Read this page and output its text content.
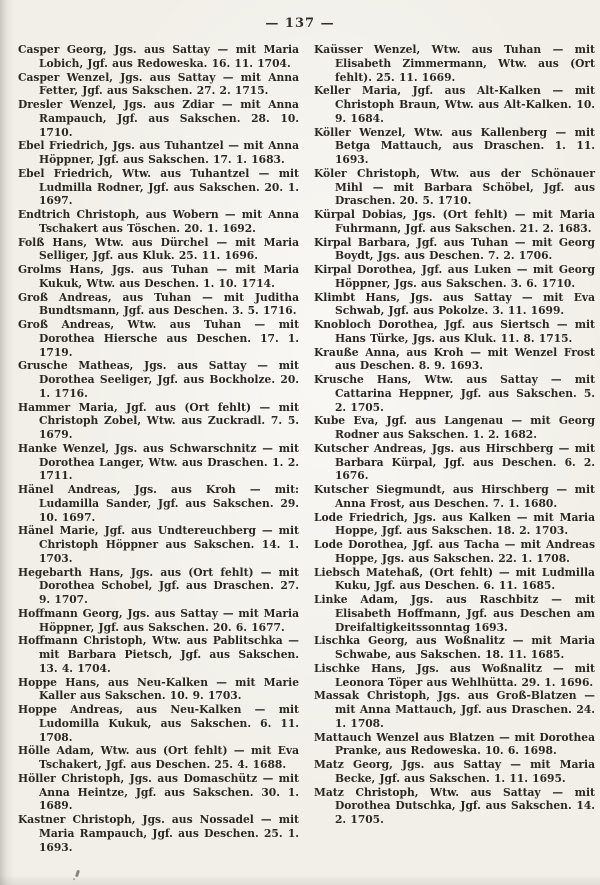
— 137 —

Casper Georg, Jgs. aus Sattay — mit Maria Lobich, Jgf. aus Redoweska. 16. 11. 1704.

Casper Wenzel, Jgs. aus Sattay — mit Anna Fetter, Jgf. aus Sakschen. 27. 2. 1715.

Dresler Wenzel, Jgs. aus Zdiar — mit Anna Rampauch, Jgf. aus Sakschen. 28. 10. 1710.

Ebel Friedrich, Jgs. aus Tuhantzel — mit Anna Höppner, Jgf. aus Sakschen. 17. 1. 1683.

Ebel Friedrich, Wtw. aus Tuhantzel — mit Ludmilla Rodner, Jgf. aus Sakschen. 20. 1. 1697.

Endtrich Christoph, aus Wobern — mit Anna Tschakert aus Töschen. 20. 1. 1692.

Folß Hans, Wtw. aus Dürchel — mit Maria Selliger, Jgf. aus Kluk. 25. 11. 1696.

Grolms Hans, Jgs. aus Tuhan — mit Maria Kukuk, Wtw. aus Deschen. 1. 10. 1714.

Groß Andreas, aus Tuhan — mit Juditha Bundtsmann, Jgf. aus Deschen. 3. 5. 1716.

Groß Andreas, Wtw. aus Tuhan — mit Dorothea Hiersche aus Deschen. 17. 1. 1719.

Grusche Matheas, Jgs. aus Sattay — mit Dorothea Seeliger, Jgf. aus Bockholze. 20. 1. 1716.

Hammer Maria, Jgf. aus (Ort fehlt) — mit Christoph Zobel, Wtw. aus Zuckradl. 7. 5. 1679.

Hanke Wenzel, Jgs. aus Schwarschnitz — mit Dorothea Langer, Wtw. aus Draschen. 1. 2. 1711.

Hänel Andreas, Jgs. aus Kroh — mit: Ludamilla Sander, Jgf. aus Sakschen. 29. 10. 1697.

Hänel Marie, Jgf. aus Undtereuchberg — mit Christoph Höppner aus Sakschen. 14. 1. 1703.

Hegebarth Hans, Jgs. aus (Ort fehlt) — mit Dorothea Schobel, Jgf. aus Draschen. 27. 9. 1707.

Hoffmann Georg, Jgs. aus Sattay — mit Maria Höppner, Jgf. aus Sakschen. 20. 6. 1677.

Hoffmann Christoph, Wtw. aus Pablitschka — mit Barbara Pietsch, Jgf. aus Sakschen. 13. 4. 1704.

Hoppe Hans, aus Neu-Kalken — mit Marie Kaller aus Sakschen. 10. 9. 1703.

Hoppe Andreas, aus Neu-Kalken — mit Ludomilla Kukuk, aus Sakschen. 6. 11. 1708.

Hölle Adam, Wtw. aus (Ort fehlt) — mit Eva Tschakert, Jgf. aus Deschen. 25. 4. 1688.

Höller Christoph, Jgs. aus Domaschütz — mit Anna Heintze, Jgf. aus Sakschen. 30. 1. 1689.

Kastner Christoph, Jgs. aus Nossadel — mit Maria Rampauch, Jgf. aus Deschen. 25. 1. 1693.

Kaüsser Wenzel, Wtw. aus Tuhan — mit Elisabeth Zimmermann, Wtw. aus (Ort fehlt). 25. 11. 1669.

Keller Maria, Jgf. aus Alt-Kalken — mit Christoph Braun, Wtw. aus Alt-Kalken. 10. 9. 1684.

Köller Wenzel, Wtw. aus Kallenberg — mit Betga Mattauch, aus Draschen. 1. 11. 1693.

Köler Christoph, Wtw. aus der Schönauer Mihl — mit Barbara Schöbel, Jgf. aus Draschen. 20. 5. 1710.

Kürpal Dobias, Jgs. (Ort fehlt) — mit Maria Fuhrmann, Jgf. aus Sakschen. 21. 2. 1683.

Kirpal Barbara, Jgf. aus Tuhan — mit Georg Boydt, Jgs. aus Deschen. 7. 2. 1706.

Kirpal Dorothea, Jgf. aus Luken — mit Georg Höppner, Jgs. aus Sakschen. 3. 6. 1710.

Klimbt Hans, Jgs. aus Sattay — mit Eva Schwab, Jgf. aus Pokolze. 3. 11. 1699.

Knobloch Dorothea, Jgf. aus Siertsch — mit Hans Türke, Jgs. aus Kluk. 11. 8. 1715.

Krauße Anna, aus Kroh — mit Wenzel Frost aus Deschen. 8. 9. 1693.

Krusche Hans, Wtw. aus Sattay — mit Cattarina Heppner, Jgf. aus Sakschen. 5. 2. 1705.

Kube Eva, Jgf. aus Langenau — mit Georg Rodner aus Sakschen. 1. 2. 1682.

Kutscher Andreas, Jgs. aus Hirschberg — mit Barbara Kürpal, Jgf. aus Deschen. 6. 2. 1676.

Kutscher Siegmundt, aus Hirschberg — mit Anna Frost, aus Deschen. 7. 1. 1680.

Lode Friedrich, Jgs. aus Kalken — mit Maria Hoppe, Jgf. aus Sakschen. 18. 2. 1703.

Lode Dorothea, Jgf. aus Tacha — mit Andreas Hoppe, Jgs. aus Sakschen. 22. 1. 1708.

Liebsch Matehaß, (Ort fehlt) — mit Ludmilla Kuku, Jgf. aus Deschen. 6. 11. 1685.

Linke Adam, Jgs. aus Raschbitz — mit Elisabeth Hoffmann, Jgf. aus Deschen am Dreifaltigkeitssonntag 1693.

Lischka Georg, aus Woßnalitz — mit Maria Schwabe, aus Sakschen. 18. 11. 1685.

Lischke Hans, Jgs. aus Woßnalitz — mit Leonora Töper aus Wehlhütta. 29. 1. 1696.

Massak Christoph, Jgs. aus Groß-Blatzen — mit Anna Mattauch, Jgf. aus Draschen. 24. 1. 1708.

Mattauch Wenzel aus Blatzen — mit Dorothea Pranke, aus Redoweska. 10. 6. 1698.

Matz Georg, Jgs. aus Sattay — mit Maria Becke, Jgf. aus Sakschen. 1. 11. 1695.

Matz Christoph, Wtw. aus Sattay — mit Dorothea Dutschka, Jgf. aus Sakschen. 14. 2. 1705.
